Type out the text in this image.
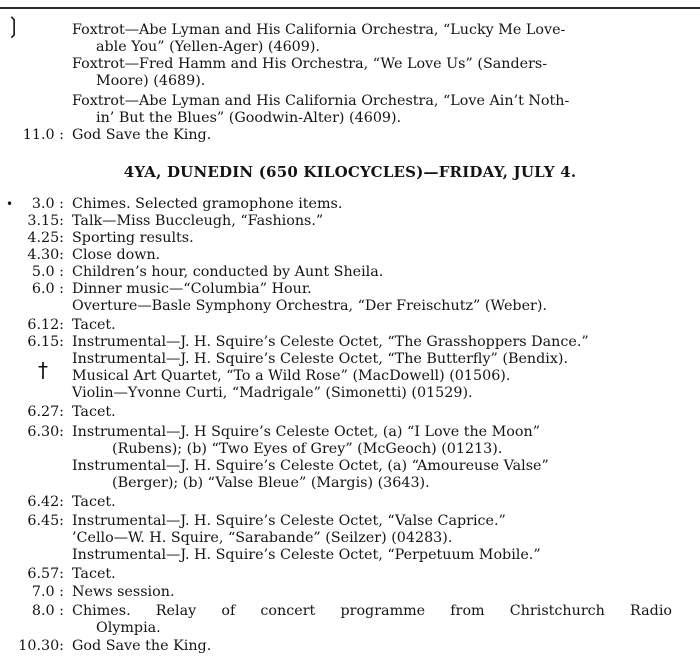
❳	Foxtrot—Abe Lyman and His California Orchestra, “Lucky Me Love-
able You” (Yellen-Ager) (4609).
Foxtrot—Fred Hamm and His Orchestra, “We Love Us” (Sanders-
Moore) (4689).
Foxtrot—Abe Lyman and His California Orchestra, “Love Ain’t Noth-
in’ But the Blues” (Goodwin-Alter) (4609).
11.0 : God Save the King.
4YA, DUNEDIN (650 KILOCYCLES)—FRIDAY, JULY 4.
•	3.0 : Chimes. Selected gramophone items.
3.15: Talk—Miss Buccleugh, “Fashions.”
4.25: Sporting results.
4.30: Close down.
5.0 : Children’s hour, conducted by Aunt Sheila.
6.0 : Dinner music—“Columbia” Hour.
Overture—Basle Symphony Orchestra, “Der Freischutz” (Weber).
6.12: Tacet.
6.15: Instrumental—J. H. Squire’s Celeste Octet, “The Grasshoppers Dance.”
Instrumental—J. H. Squire’s Celeste Octet, “The Butterfly” (Bendix).
† Musical Art Quartet, “To a Wild Rose” (MacDowell) (01506).
Violin—Yvonne Curti, “Madrigale” (Simonetti) (01529).
6.27: Tacet.
6.30: Instrumental—J. H Squire’s Celeste Octet, (a) “I Love the Moon”
(Rubens); (b) “Two Eyes of Grey” (McGeoch) (01213).
Instrumental—J. H. Squire’s Celeste Octet, (a) “Amoureuse Valse”
(Berger); (b) “Valse Bleue” (Margis) (3643).
6.42: Tacet.
6.45: Instrumental—J. H. Squire’s Celeste Octet, “Valse Caprice.”
’Cello—W. H. Squire, “Sarabande” (Seilzer) (04283).
Instrumental—J. H. Squire’s Celeste Octet, “Perpetuum Mobile.”
6.57: Tacet.
7.0 : News session.
8.0 : Chimes. Relay of concert programme from Christchurch Radio
Olympia.
10.30: God Save the King.
